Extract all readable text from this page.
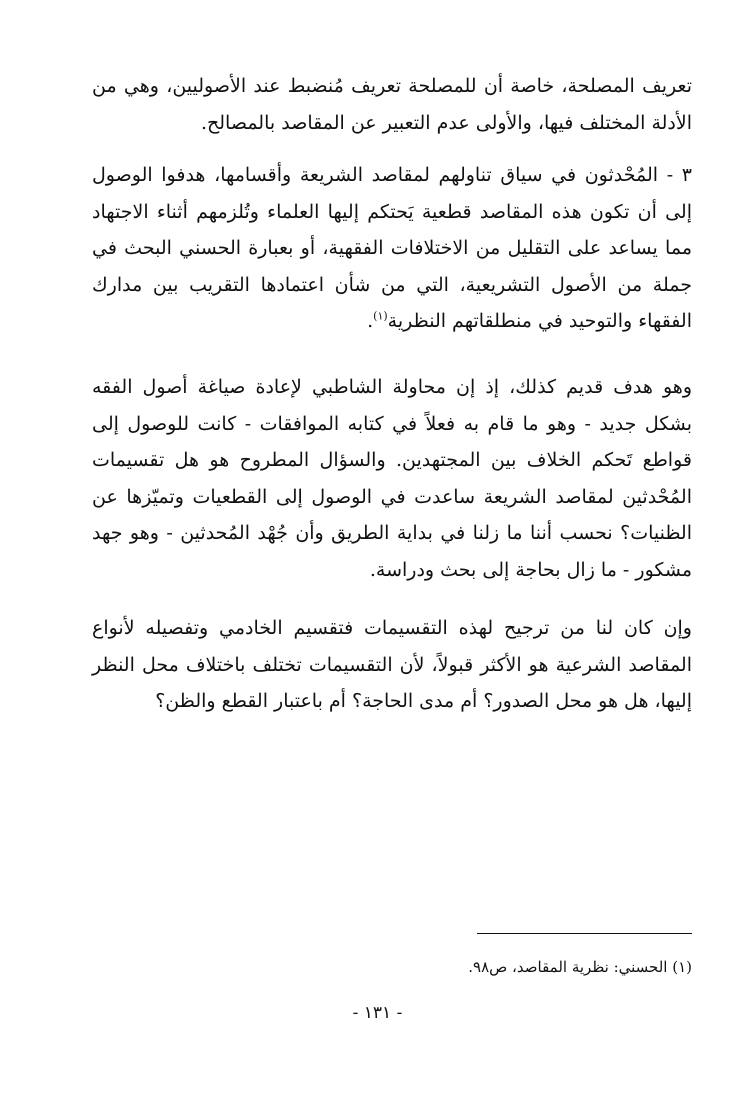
تعريف المصلحة، خاصة أن للمصلحة تعريف مُنضبط عند الأصوليين، وهي من الأدلة المختلف فيها، والأولى عدم التعبير عن المقاصد بالمصالح.

٣ - المُحْدثون في سياق تناولهم لمقاصد الشريعة وأقسامها، هدفوا الوصول إلى أن تكون هذه المقاصد قطعية يَحتكم إليها العلماء وتُلزمهم أثناء الاجتهاد مما يساعد على التقليل من الاختلافات الفقهية، أو بعبارة الحسني البحث في جملة من الأصول التشريعية، التي من شأن اعتمادها التقريب بين مدارك الفقهاء والتوحيد في منطلقاتهم النظرية$^{(١)}$.

وهو هدف قديم كذلك، إذ إن محاولة الشاطبي لإعادة صياغة أصول الفقه بشكل جديد - وهو ما قام به فعلاً في كتابه الموافقات - كانت للوصول إلى قواطع تَحكم الخلاف بين المجتهدين. والسؤال المطروح هو هل تقسيمات المُحْدثين لمقاصد الشريعة ساعدت في الوصول إلى القطعيات وتميّزها عن الظنيات؟ نحسب أننا ما زلنا في بداية الطريق وأن جُهْد المُحدثين - وهو جهد مشكور - ما زال بحاجة إلى بحث ودراسة.

وإن كان لنا من ترجيح لهذه التقسيمات فتقسيم الخادمي وتفصيله لأنواع المقاصد الشرعية هو الأكثر قبولاً، لأن التقسيمات تختلف باختلاف محل النظر إليها، هل هو محل الصدور؟ أم مدى الحاجة؟ أم باعتبار القطع والظن؟

(١) الحسني: نظرية المقاصد، ص٩٨.

- ١٣١ -
